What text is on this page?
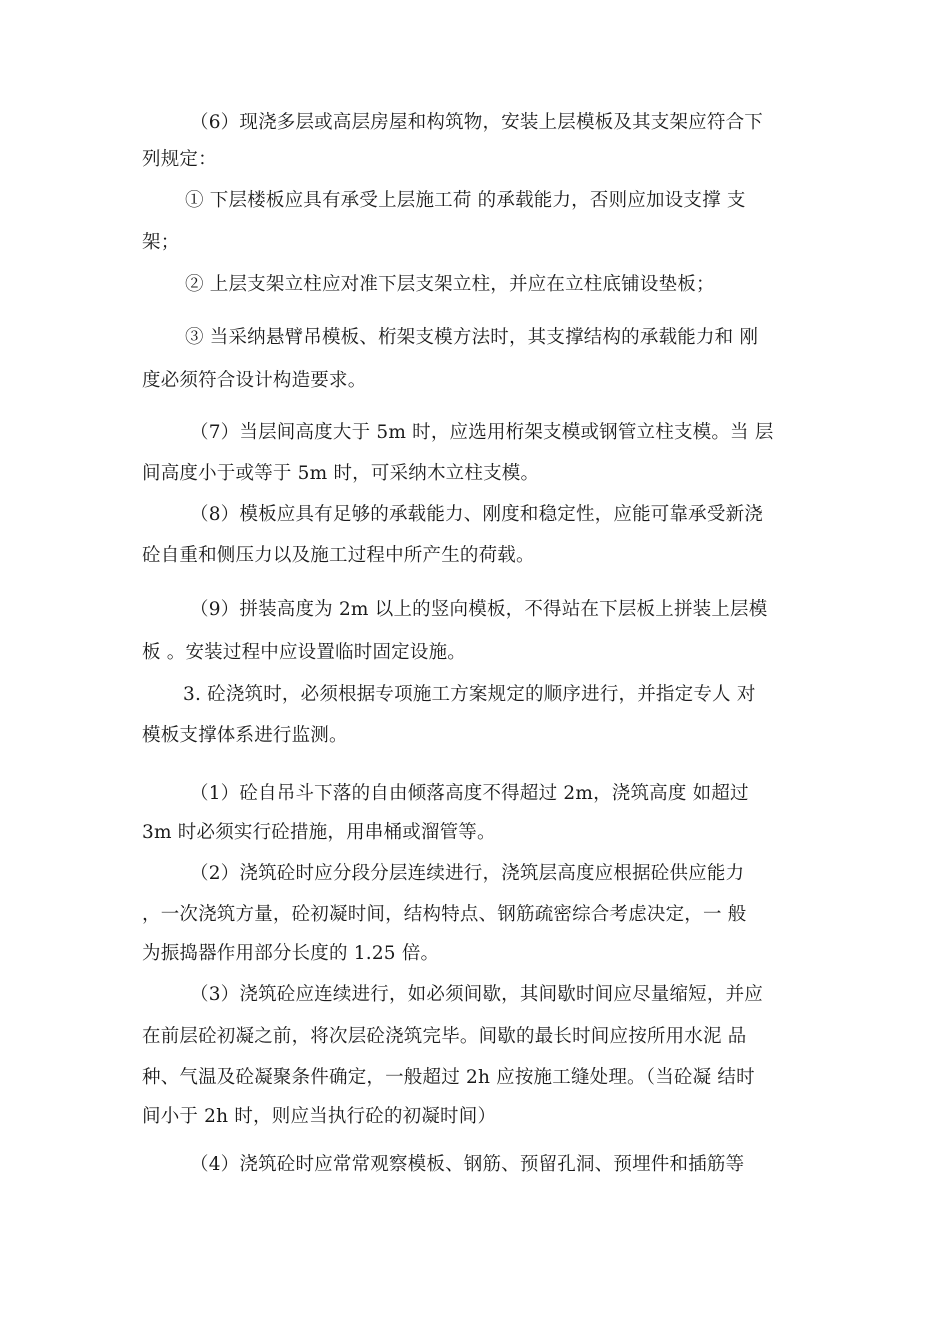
（6）现浇多层或高层房屋和构筑物，安装上层模板及其支架应符合下
列规定：
① 下层楼板应具有承受上层施工荷 的承载能力，否则应加设支撑 支
架；
② 上层支架立柱应对准下层支架立柱，并应在立柱底铺设垫板；
③ 当采纳悬臂吊模板、桁架支模方法时，其支撑结构的承载能力和 刚
度必须符合设计构造要求。
（7）当层间高度大于 5m 时，应选用桁架支模或钢管立柱支模。当 层
间高度小于或等于 5m 时，可采纳木立柱支模。
（8）模板应具有足够的承载能力、刚度和稳定性，应能可靠承受新浇
砼自重和侧压力以及施工过程中所产生的荷载。
（9）拼装高度为 2m 以上的竖向模板，不得站在下层板上拼装上层模
板 。安装过程中应设置临时固定设施。
3. 砼浇筑时，必须根据专项施工方案规定的顺序进行，并指定专人 对
模板支撑体系进行监测。
（1）砼自吊斗下落的自由倾落高度不得超过 2m，浇筑高度 如超过
3m 时必须实行砼措施，用串桶或溜管等。
（2）浇筑砼时应分段分层连续进行，浇筑层高度应根据砼供应能力
，一次浇筑方量，砼初凝时间，结构特点、钢筋疏密综合考虑决定，一 般
为振捣器作用部分长度的 1.25 倍。
（3）浇筑砼应连续进行，如必须间歇，其间歇时间应尽量缩短，并应
在前层砼初凝之前，将次层砼浇筑完毕。间歇的最长时间应按所用水泥 品
种、气温及砼凝聚条件确定，一般超过 2h 应按施工缝处理。（当砼凝 结时
间小于 2h 时，则应当执行砼的初凝时间）
（4）浇筑砼时应常常观察模板、钢筋、预留孔洞、预埋件和插筋等
